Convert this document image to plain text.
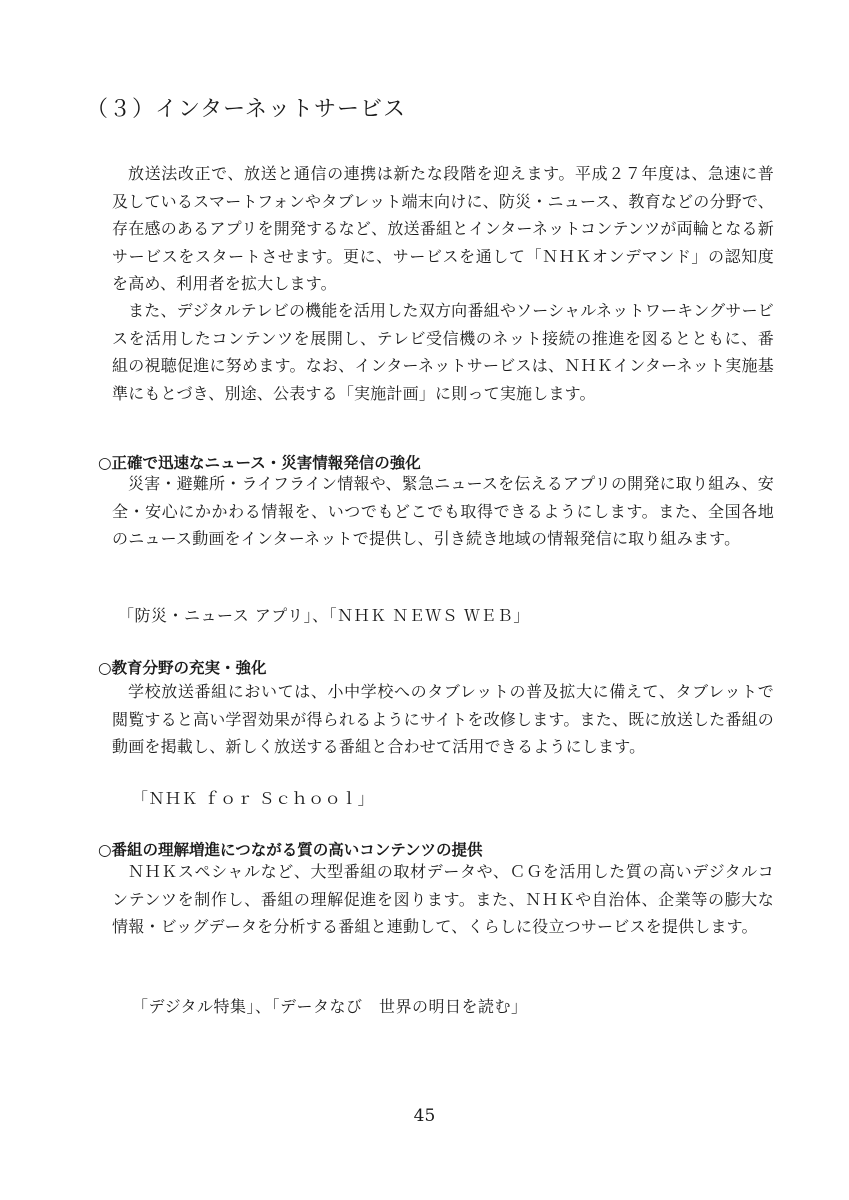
（３）インターネットサービス

放送法改正で、放送と通信の連携は新たな段階を迎えます。平成２７年度は、急速に普及しているスマートフォンやタブレット端末向けに、防災・ニュース、教育などの分野で、存在感のあるアプリを開発するなど、放送番組とインターネットコンテンツが両輪となる新サービスをスタートさせます。更に、サービスを通して「ＮＨＫオンデマンド」の認知度を高め、利用者を拡大します。

また、デジタルテレビの機能を活用した双方向番組やソーシャルネットワーキングサービスを活用したコンテンツを展開し、テレビ受信機のネット接続の推進を図るとともに、番組の視聴促進に努めます。なお、インターネットサービスは、ＮＨＫインターネット実施基準にもとづき、別途、公表する「実施計画」に則って実施します。

○正確で迅速なニュース・災害情報発信の強化

災害・避難所・ライフライン情報や、緊急ニュースを伝えるアプリの開発に取り組み、安全・安心にかかわる情報を、いつでもどこでも取得できるようにします。また、全国各地のニュース動画をインターネットで提供し、引き続き地域の情報発信に取り組みます。

「防災・ニュース アプリ」、「ＮＨＫ ＮＥＷＳ ＷＥＢ」

○教育分野の充実・強化

学校放送番組においては、小中学校へのタブレットの普及拡大に備えて、タブレットで閲覧すると高い学習効果が得られるようにサイトを改修します。また、既に放送した番組の動画を掲載し、新しく放送する番組と合わせて活用できるようにします。

「ＮＨＫ ｆｏｒ Ｓｃｈｏｏｌ」

○番組の理解増進につながる質の高いコンテンツの提供

ＮＨＫスペシャルなど、大型番組の取材データや、ＣＧを活用した質の高いデジタルコンテンツを制作し、番組の理解促進を図ります。また、ＮＨＫや自治体、企業等の膨大な情報・ビッグデータを分析する番組と連動して、くらしに役立つサービスを提供します。

「デジタル特集」、「データなび　世界の明日を読む」

45
